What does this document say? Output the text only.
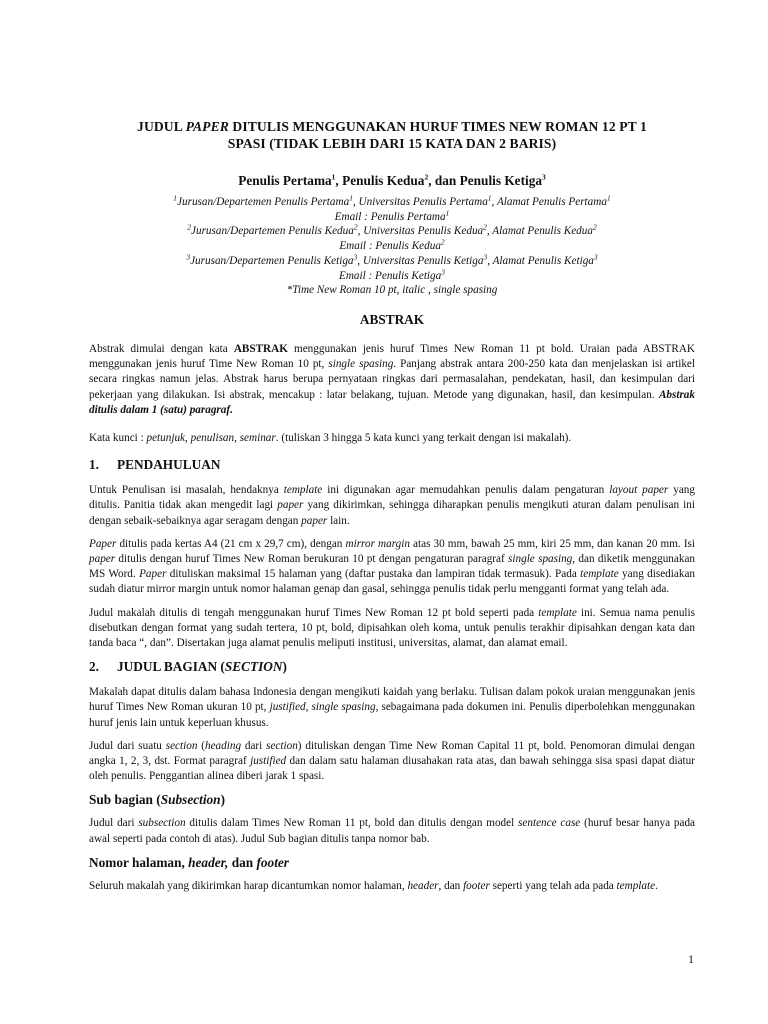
JUDUL PAPER DITULIS MENGGUNAKAN HURUF TIMES NEW ROMAN 12 PT 1
SPASI (TIDAK LEBIH DARI 15 KATA DAN 2 BARIS)
Penulis Pertama$^1$, Penulis Kedua$^2$, dan Penulis Ketiga$^3$

$^1$Jurusan/Departemen Penulis Pertama$^1$, Universitas Penulis Pertama$^1$, Alamat Penulis Pertama$^1$

Email : Penulis Pertama$^1$

$^2$Jurusan/Departemen Penulis Kedua$^2$, Universitas Penulis Kedua$^2$, Alamat Penulis Kedua$^2$

Email : Penulis Kedua$^2$

$^3$Jurusan/Departemen Penulis Ketiga$^3$, Universitas Penulis Ketiga$^3$, Alamat Penulis Ketiga$^3$

Email : Penulis Ketiga$^3$

*Time New Roman 10 pt, italic , single spasing

ABSTRAK

Abstrak dimulai dengan kata ABSTRAK menggunakan jenis huruf Times New Roman 11 pt bold. Uraian pada ABSTRAK menggunakan jenis huruf Time New Roman 10 pt, single spasing. Panjang abstrak antara 200-250 kata dan menjelaskan isi artikel secara ringkas namun jelas. Abstrak harus berupa pernyataan ringkas dari permasalahan, pendekatan, hasil, dan kesimpulan dari pekerjaan yang dilakukan. Isi abstrak, mencakup : latar belakang, tujuan. Metode yang digunakan, hasil, dan kesimpulan. Abstrak ditulis dalam 1 (satu) paragraf.

Kata kunci : petunjuk, penulisan, seminar. (tuliskan 3 hingga 5 kata kunci yang terkait dengan isi makalah).

1. PENDAHULUAN

Untuk Penulisan isi masalah, hendaknya template ini digunakan agar memudahkan penulis dalam pengaturan layout paper yang ditulis. Panitia tidak akan mengedit lagi paper yang dikirimkan, sehingga diharapkan penulis mengikuti aturan dalam penulisan ini dengan sebaik-sebaiknya agar seragam dengan paper lain.

Paper ditulis pada kertas A4 (21 cm x 29,7 cm), dengan mirror margin atas 30 mm, bawah 25 mm, kiri 25 mm, dan kanan 20 mm. Isi paper ditulis dengan huruf Times New Roman berukuran 10 pt dengan pengaturan paragraf single spasing, dan diketik menggunakan MS Word. Paper dituliskan maksimal 15 halaman yang (daftar pustaka dan lampiran tidak termasuk). Pada template yang disediakan sudah diatur mirror margin untuk nomor halaman genap dan gasal, sehingga penulis tidak perlu mengganti format yang telah ada.

Judul makalah ditulis di tengah menggunakan huruf Times New Roman 12 pt bold seperti pada template ini. Semua nama penulis disebutkan dengan format yang sudah tertera, 10 pt, bold, dipisahkan oleh koma, untuk penulis terakhir dipisahkan dengan kata dan tanda baca “, dan”. Disertakan juga alamat penulis meliputi institusi, universitas, alamat, dan alamat email.

2. JUDUL BAGIAN (SECTION)

Makalah dapat ditulis dalam bahasa Indonesia dengan mengikuti kaidah yang berlaku. Tulisan dalam pokok uraian menggunakan jenis huruf Times New Roman ukuran 10 pt, justified, single spasing, sebagaimana pada dokumen ini. Penulis diperbolehkan menggunakan huruf jenis lain untuk keperluan khusus.

Judul dari suatu section (heading dari section) dituliskan dengan Time New Roman Capital 11 pt, bold. Penomoran dimulai dengan angka 1, 2, 3, dst. Format paragraf justified dan dalam satu halaman diusahakan rata atas, dan bawah sehingga sisa spasi dapat diatur oleh penulis. Penggantian alinea diberi jarak 1 spasi.

Sub bagian (Subsection)

Judul dari subsection ditulis dalam Times New Roman 11 pt, bold dan ditulis dengan model sentence case (huruf besar hanya pada awal seperti pada contoh di atas). Judul Sub bagian ditulis tanpa nomor bab.

Nomor halaman, header, dan footer

Seluruh makalah yang dikirimkan harap dicantumkan nomor halaman, header, dan footer seperti yang telah ada pada template.

1
